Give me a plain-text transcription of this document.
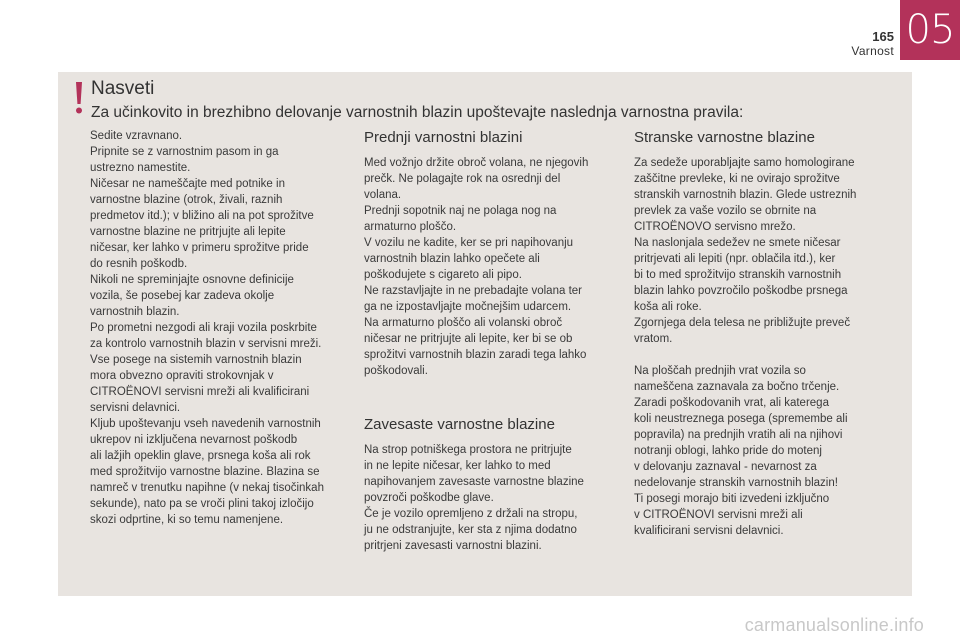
165
Varnost 05
Nasveti
Za učinkovito in brezhibno delovanje varnostnih blazin upoštevajte naslednja varnostna pravila:

Sedite vzravnano.

Pripnite se z varnostnim pasom in ga

ustrezno namestite.

Ničesar ne nameščajte med potnike in

varnostne blazine (otrok, živali, raznih

predmetov itd.); v bližino ali na pot sprožitve

varnostne blazine ne pritrjujte ali lepite

ničesar, ker lahko v primeru sprožitve pride

do resnih poškodb.

Nikoli ne spreminjajte osnovne definicije

vozila, še posebej kar zadeva okolje

varnostnih blazin.

Po prometni nezgodi ali kraji vozila poskrbite

za kontrolo varnostnih blazin v servisni mreži.

Vse posege na sistemih varnostnih blazin

mora obvezno opraviti strokovnjak v

CITROËNOVI servisni mreži ali kvalificirani

servisni delavnici.

Kljub upoštevanju vseh navedenih varnostnih

ukrepov ni izključena nevarnost poškodb

ali lažjih opeklin glave, prsnega koša ali rok

med sprožitvijo varnostne blazine. Blazina se

namreč v trenutku napihne (v nekaj tisočinkah

sekunde), nato pa se vroči plini takoj izločijo

skozi odprtine, ki so temu namenjene.

Prednji varnostni blazini

Med vožnjo držite obroč volana, ne njegovih

prečk. Ne polagajte rok na osrednji del

volana.

Prednji sopotnik naj ne polaga nog na

armaturno ploščo.

V vozilu ne kadite, ker se pri napihovanju

varnostnih blazin lahko opečete ali

poškodujete s cigareto ali pipo.

Ne razstavljajte in ne prebadajte volana ter

ga ne izpostavljajte močnejšim udarcem.

Na armaturno ploščo ali volanski obroč

ničesar ne pritrjujte ali lepite, ker bi se ob

sprožitvi varnostnih blazin zaradi tega lahko

poškodovali.

Zavesaste varnostne blazine

Na strop potniškega prostora ne pritrjujte

in ne lepite ničesar, ker lahko to med

napihovanjem zavesaste varnostne blazine

povzroči poškodbe glave.

Če je vozilo opremljeno z držali na stropu,

ju ne odstranjujte, ker sta z njima dodatno

pritrjeni zavesasti varnostni blazini.

Stranske varnostne blazine

Za sedeže uporabljajte samo homologirane

zaščitne prevleke, ki ne ovirajo sprožitve

stranskih varnostnih blazin. Glede ustreznih

prevlek za vaše vozilo se obrnite na

CITROËNOVO servisno mrežo.

Na naslonjala sedežev ne smete ničesar

pritrjevati ali lepiti (npr. oblačila itd.), ker

bi to med sprožitvijo stranskih varnostnih

blazin lahko povzročilo poškodbe prsnega

koša ali roke.

Zgornjega dela telesa ne približujte preveč

vratom.

Na ploščah prednjih vrat vozila so

nameščena zaznavala za bočno trčenje.

Zaradi poškodovanih vrat, ali katerega

koli neustreznega posega (spremembe ali

popravila) na prednjih vratih ali na njihovi

notranji oblogi, lahko pride do motenj

v delovanju zaznaval - nevarnost za

nedelovanje stranskih varnostnih blazin!

Ti posegi morajo biti izvedeni izključno

v CITROËNOVI servisni mreži ali

kvalificirani servisni delavnici.

carmanualsonline.info
